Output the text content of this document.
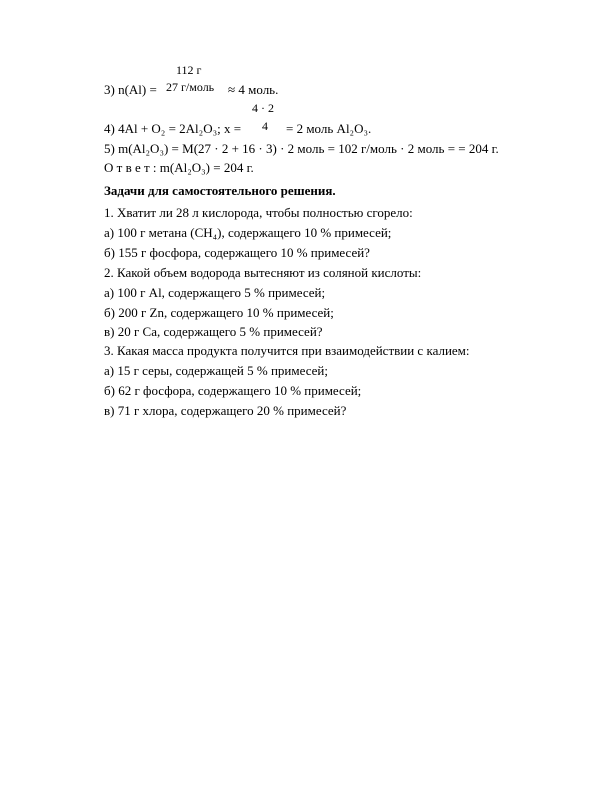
112 г
3) n(Al) = 27 г/моль ≈ 4 моль.
4 · 2
4) 4Al + O₂ = 2Al₂O₃; x = 4 = 2 моль Al₂O₃.
5) m(Al₂O₃) = M(27 · 2 + 16 · 3) · 2 моль = 102 г/моль · 2 моль = = 204 г.
О т в е т : m(Al₂O₃) = 204 г.
Задачи для самостоятельного решения.
1. Хватит ли 28 л кислорода, чтобы полностью сгорело:
а) 100 г метана (CH₄), содержащего 10 % примесей;
б) 155 г фосфора, содержащего 10 % примесей?
2. Какой объем водорода вытесняют из соляной кислоты:
а) 100 г Al, содержащего 5 % примесей;
б) 200 г Zn, содержащего 10 % примесей;
в) 20 г Са, содержащего 5 % примесей?
3. Какая масса продукта получится при взаимодействии с калием:
а) 15 г серы, содержащей 5 % примесей;
б) 62 г фосфора, содержащего 10 % примесей;
в) 71 г хлора, содержащего 20 % примесей?
